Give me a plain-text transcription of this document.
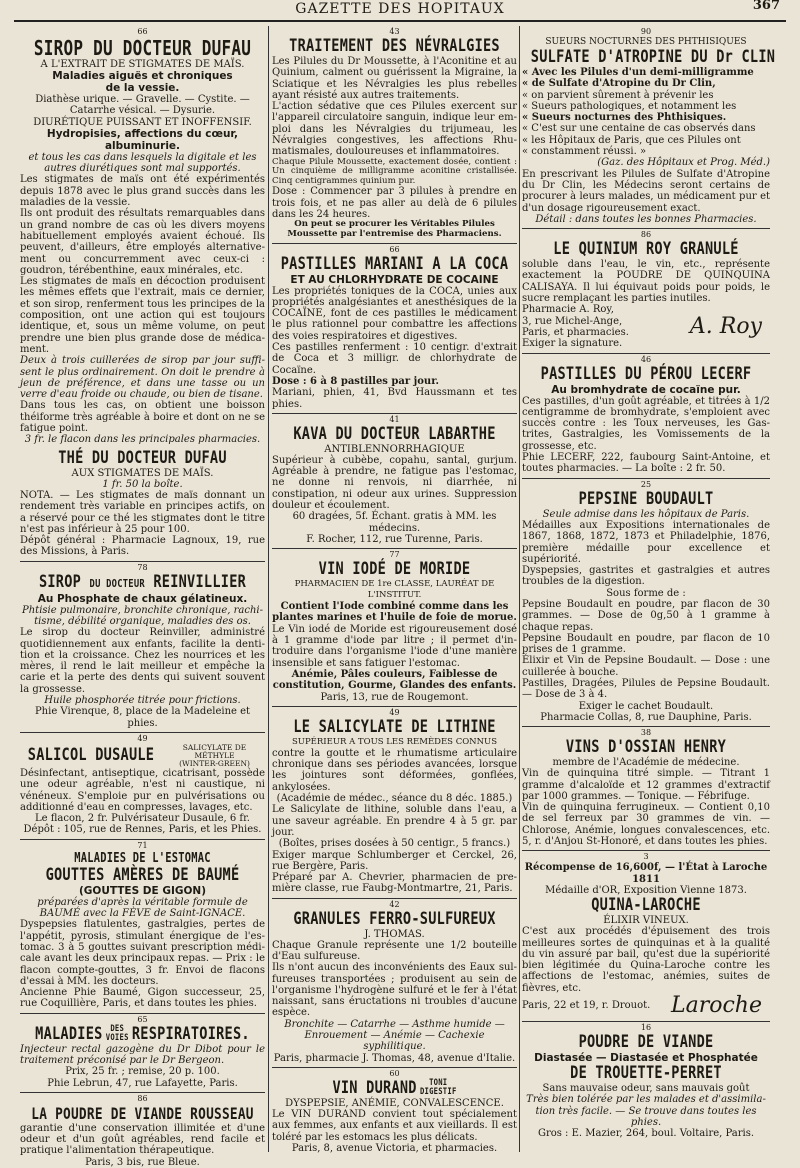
GAZETTE DES HOPITAUX	367
66
SIROP DU DOCTEUR DUFAU
A L'EXTRAIT DE STIGMATES DE MAÏS.
Maladies aiguës et chroniques
de la vessie.

Diathèse urique. — Gravelle. — Cystite. — Catarrhe vésical. — Dysurie.

DIURÉTIQUE PUISSANT ET INOFFENSIF.

Hydropisies, affections du cœur, albuminurie.

et tous les cas dans lesquels la digitale et les autres diurétiques sont mal supportés.

Les stigmates de maïs ont été expérimentés depuis 1878 avec le plus grand succès dans les maladies de la vessie.

Ils ont produit des résultats remarquables dans un grand nombre de cas où les divers moyens habituellement employés avaient échoué. Ils peuvent, d'ailleurs, être employés alternativement ou concurremment avec ceux-ci : goudron, térébenthine, eaux minérales, etc.

Les stigmates de maïs en décoction produisent les mêmes effets que l'extrait, mais ce dernier, et son sirop, renferment tous les principes de la composition, ont une action qui est toujours identique, et, sous un même volume, on peut prendre une bien plus grande dose de médicament.

Deux à trois cuillerées de sirop par jour suffisent le plus ordinairement. On doit le prendre à jeun de préférence, et dans une tasse ou un verre d'eau froide ou chaude, ou bien de tisane.

Dans tous les cas, on obtient une boisson théiforme très agréable à boire et dont on ne se fatigue point.

3 fr. le flacon dans les principales pharmacies.

THÉ DU DOCTEUR DUFAU
AUX STIGMATES DE MAÏS.

1 fr. 50 la boîte.

NOTA. — Les stigmates de maïs donnant un rendement très variable en principes actifs, on a réservé pour ce thé les stigmates dont le titre n'est pas inférieur à 25 pour 100.

Dépôt général : Pharmacie Lagnoux, 19, rue des Missions, à Paris.

78
SIROP DU DOCTEUR REINVILLIER
Au Phosphate de chaux gélatineux.

Phtisie pulmonaire, bronchite chronique, rachitisme, débilité organique, maladies des os.

Le sirop du docteur Reinviller, administré quotidiennement aux enfants, facilite la dentition et la croissance. Chez les nourrices et les mères, il rend le lait meilleur et empêche la carie et la perte des dents qui suivent souvent la grossesse.

Huile phosphorée titrée pour frictions.

Phie Virenque, 8, place de la Madeleine et phies.

49
SALICOL DUSAULE	SALICYLATE DE MÉTHYLE
(WINTER-GREEN)

Désinfectant, antiseptique, cicatrisant, possède une odeur agréable, n'est ni caustique, ni vénéneux. S'emploie pur en pulvérisations ou additionné d'eau en compresses, lavages, etc.

Le flacon, 2 fr. Pulvérisateur Dusaule, 6 fr.

Dépôt : 105, rue de Rennes, Paris, et les Phies.

71
MALADIES DE L'ESTOMAC
GOUTTES AMÈRES DE BAUMÉ
(GOUTTES DE GIGON)

préparées d'après la véritable formule de BAUMÉ avec la FÈVE de Saint-IGNACE.

Dyspepsies flatulentes, gastralgies, pertes de l'appétit, pyrosis, stimulant énergique de l'estomac. 3 à 5 gouttes suivant prescription médicale avant les deux principaux repas. — Prix : le flacon compte-gouttes, 3 fr. Envoi de flacons d'essai à MM. les docteurs.

Ancienne Phie Baumé, Gigon successeur, 25, rue Coquillière, Paris, et dans toutes les phies.

65
MALADIES DES
VOIES RESPIRATOIRES.

Injecteur rectal gazogène du Dr Dibot pour le traitement préconisé par le Dr Bergeon.

Prix, 25 fr. ; remise, 20 p. 100.

Phie Lebrun, 47, rue Lafayette, Paris.

86
LA POUDRE DE VIANDE ROUSSEAU

garantie d'une conservation illimitée et d'une odeur et d'un goût agréables, rend facile et pratique l'alimentation thérapeutique.

Paris, 3 bis, rue Bleue.

43
TRAITEMENT DES NÉVRALGIES

Les Pilules du Dr Moussette, à l'Aconitine et au Quinium, calment ou guérissent la Migraine, la Sciatique et les Névralgies les plus rebelles ayant résisté aux autres traitements.

L'action sédative que ces Pilules exercent sur l'appareil circulatoire sanguin, indique leur emploi dans les Névralgies du trijumeau, les Névralgies congestives, les affections Rhumatismales, douloureuses et inflammatoires.

Chaque Pilule Moussette, exactement dosée, contient : Un cinquième de milligramme aconitine cristallisée. Cinq centigrammes quinium pur.

Dose : Commencer par 3 pilules à prendre en trois fois, et ne pas aller au delà de 6 pilules dans les 24 heures.

On peut se procurer les Véritables Pilules Moussette par l'entremise des Pharmaciens.

66
PASTILLES MARIANI A LA COCA
ET AU CHLORHYDRATE DE COCAINE

Les propriétés toniques de la COCA, unies aux propriétés analgésiantes et anesthésiques de la COCAÏNE, font de ces pastilles le médicament le plus rationnel pour combattre les affections des voies respiratoires et digestives.

Ces pastilles renferment : 10 centigr. d'extrait de Coca et 3 milligr. de chlorhydrate de Cocaïne.

Dose : 6 à 8 pastilles par jour.

Mariani, phien, 41, Bvd Haussmann et tes phies.

41
KAVA DU DOCTEUR LABARTHE
ANTIBLENNORRHAGIQUE

Supérieur à cubèbe, copahu, santal, gurjum. Agréable à prendre, ne fatigue pas l'estomac, ne donne ni renvois, ni diarrhée, ni constipation, ni odeur aux urines. Suppression douleur et écoulement.

60 dragées, 5f. Échant. gratis à MM. les médecins.

F. Rocher, 112, rue Turenne, Paris.

77
VIN IODÉ DE MORIDE
PHARMACIEN DE 1re CLASSE, LAURÉAT DE L'INSTITUT.

Contient l'Iode combiné comme dans les plantes marines et l'huile de foie de morue.

Le Vin iodé de Moride est rigoureusement dosé à 1 gramme d'iode par litre ; il permet d'introduire dans l'organisme l'iode d'une manière insensible et sans fatiguer l'estomac.

Anémie, Pâles couleurs, Faiblesse de constitution, Gourme, Glandes des enfants.

Paris, 13, rue de Rougemont.

49
LE SALICYLATE DE LITHINE
SUPÉRIEUR A TOUS LES REMÈDES CONNUS

contre la goutte et le rhumatisme articulaire chronique dans ses périodes avancées, lorsque les jointures sont déformées, gonflées, ankylosées.

(Académie de médec., séance du 8 déc. 1885.)

Le Salicylate de lithine, soluble dans l'eau, a une saveur agréable. En prendre 4 à 5 gr. par jour.

(Boîtes, prises dosées à 50 centigr., 5 francs.)

Exiger marque Schlumberger et Cerckel, 26, rue Bergère, Paris.

Préparé par A. Chevrier, pharmacien de première classe, rue Faubg-Montmartre, 21, Paris.

42
GRANULES FERRO-SULFUREUX
J. THOMAS.

Chaque Granule représente une 1/2 bouteille d'Eau sulfureuse.

Ils n'ont aucun des inconvénients des Eaux sulfureuses transportées ; produisent au sein de l'organisme l'hydrogène sulfuré et le fer à l'état naissant, sans éructations ni troubles d'aucune espèce.

Bronchite — Catarrhe — Asthme humide — Enrouement — Anémie — Cachexie syphilitique.

Paris, pharmacie J. Thomas, 48, avenue d'Italie.

60
VIN DURAND	TONI
DIGESTIF
DYSPEPSIE, ANÉMIE, CONVALESCENCE.

Le VIN DURAND convient tout spécialement aux femmes, aux enfants et aux vieillards. Il est toléré par les estomacs les plus délicats.

Paris, 8, avenue Victoria, et pharmacies.

90
SUEURS NOCTURNES DES PHTHISIQUES
SULFATE D'ATROPINE DU Dr CLIN

« Avec les Pilules d'un demi-milligramme

« de Sulfate d'Atropine du Dr Clin,

« on parvient sûrement à prévenir les

« Sueurs pathologiques, et notamment les

« Sueurs nocturnes des Phthisiques.

« C'est sur une centaine de cas observés dans

« les Hôpitaux de Paris, que ces Pilules ont

« constamment réussi. »

(Gaz. des Hôpitaux et Prog. Méd.)

En prescrivant les Pilules de Sulfate d'Atropine du Dr Clin, les Médecins seront certains de procurer à leurs malades, un médicament pur et d'un dosage rigoureusement exact.

Détail : dans toutes les bonnes Pharmacies.

86
LE QUINIUM ROY GRANULÉ

soluble dans l'eau, le vin, etc., représente exactement la POUDRE DE QUINQUINA CALISAYA. Il lui équivaut poids pour poids, le sucre remplaçant les parties inutiles.

Pharmacie A. Roy,

3, rue Michel-Ange,

Paris, et pharmacies.

Exiger la signature.

A. Roy
46
PASTILLES DU PÉROU LECERF
Au bromhydrate de cocaïne pur.

Ces pastilles, d'un goût agréable, et titrées à 1/2 centigramme de bromhydrate, s'emploient avec succès contre : les Toux nerveuses, les Gastrites, Gastralgies, les Vomissements de la grossesse, etc.

Phie LECERF, 222, faubourg Saint-Antoine, et toutes pharmacies. — La boîte : 2 fr. 50.

25
PEPSINE BOUDAULT

Seule admise dans les hôpitaux de Paris.

Médailles aux Expositions internationales de 1867, 1868, 1872, 1873 et Philadelphie, 1876, première médaille pour excellence et supériorité.

Dyspepsies, gastrites et gastralgies et autres troubles de la digestion.

Sous forme de :

Pepsine Boudault en poudre, par flacon de 30 grammes. — Dose de 0g,50 à 1 gramme à chaque repas.

Pepsine Boudault en poudre, par flacon de 10 prises de 1 gramme.

Élixir et Vin de Pepsine Boudault. — Dose : une cuillerée à bouche.

Pastilles, Dragées, Pilules de Pepsine Boudault. — Dose de 3 à 4.

Exiger le cachet Boudault.

Pharmacie Collas, 8, rue Dauphine, Paris.

38
VINS D'OSSIAN HENRY
membre de l'Académie de médecine.

Vin de quinquina titré simple. — Titrant 1 gramme d'alcaloïde et 12 grammes d'extractif par 1000 grammes. — Tonique. — Fébrifuge.

Vin de quinquina ferrugineux. — Contient 0,10 de sel ferreux par 30 grammes de vin. — Chlorose, Anémie, longues convalescences, etc. 5, r. d'Anjou St-Honoré, et dans toutes les phies.

3

Récompense de 16,600f, — l'État à Laroche 1811

Médaille d'OR, Exposition Vienne 1873.

QUINA-LAROCHE
ÉLIXIR VINEUX.

C'est aux procédés d'épuisement des trois meilleures sortes de quinquinas et à la qualité du vin assuré par bail, qu'est due la supériorité bien légitimée du Quina-Laroche contre les affections de l'estomac, anémies, suites de fièvres, etc.

Paris, 22 et 19, r. Drouot. Laroche
16
POUDRE DE VIANDE
Diastasée — Diastasée et Phosphatée
DE TROUETTE-PERRET

Sans mauvaise odeur, sans mauvais goût

Très bien tolérée par les malades et d'assimilation très facile. — Se trouve dans toutes les phies.

Gros : E. Mazier, 264, boul. Voltaire, Paris.
